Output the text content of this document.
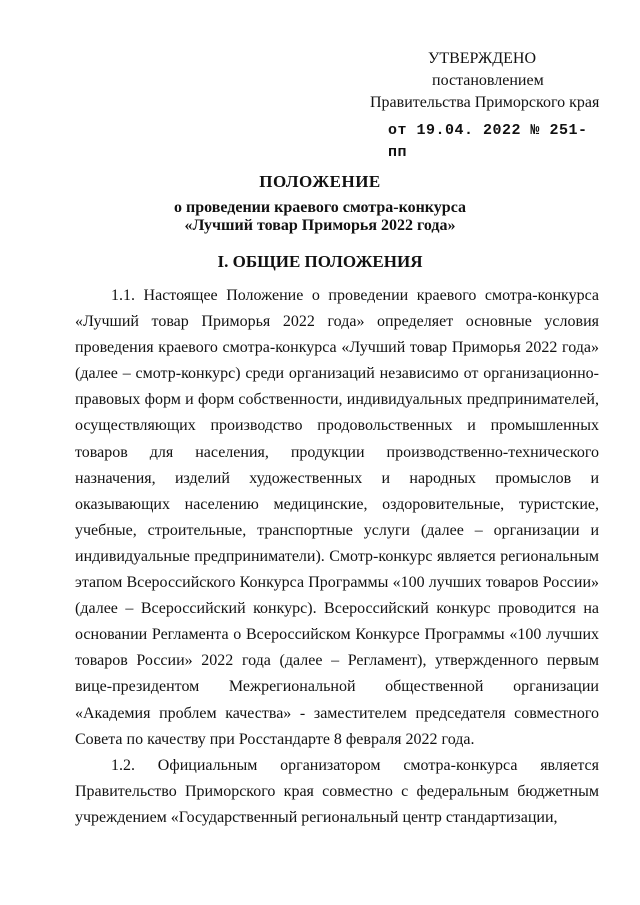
УТВЕРЖДЕНО
постановлением
Правительства Приморского края
от 19.04. 2022 № 251-пп
ПОЛОЖЕНИЕ
о проведении краевого смотра-конкурса
«Лучший товар Приморья 2022 года»
I. ОБЩИЕ ПОЛОЖЕНИЯ

1.1. Настоящее Положение о проведении краевого смотра-конкурса «Лучший товар Приморья 2022 года» определяет основные условия проведения краевого смотра-конкурса «Лучший товар Приморья 2022 года» (далее – смотр-конкурс) среди организаций независимо от организационно-правовых форм и форм собственности, индивидуальных предпринимателей, осуществляющих производство продовольственных и промышленных товаров для населения, продукции производственно-технического назначения, изделий художественных и народных промыслов и оказывающих населению медицинские, оздоровительные, туристские, учебные, строительные, транспортные услуги (далее – организации и индивидуальные предприниматели). Смотр-конкурс является региональным этапом Всероссийского Конкурса Программы «100 лучших товаров России» (далее – Всероссийский конкурс). Всероссийский конкурс проводится на основании Регламента о Всероссийском Конкурсе Программы «100 лучших товаров России» 2022 года (далее – Регламент), утвержденного первым вице-президентом Межрегиональной общественной организации «Академия проблем качества» - заместителем председателя совместного Совета по качеству при Росстандарте 8 февраля 2022 года.

1.2. Официальным организатором смотра-конкурса является Правительство Приморского края совместно с федеральным бюджетным учреждением «Государственный региональный центр стандартизации,
